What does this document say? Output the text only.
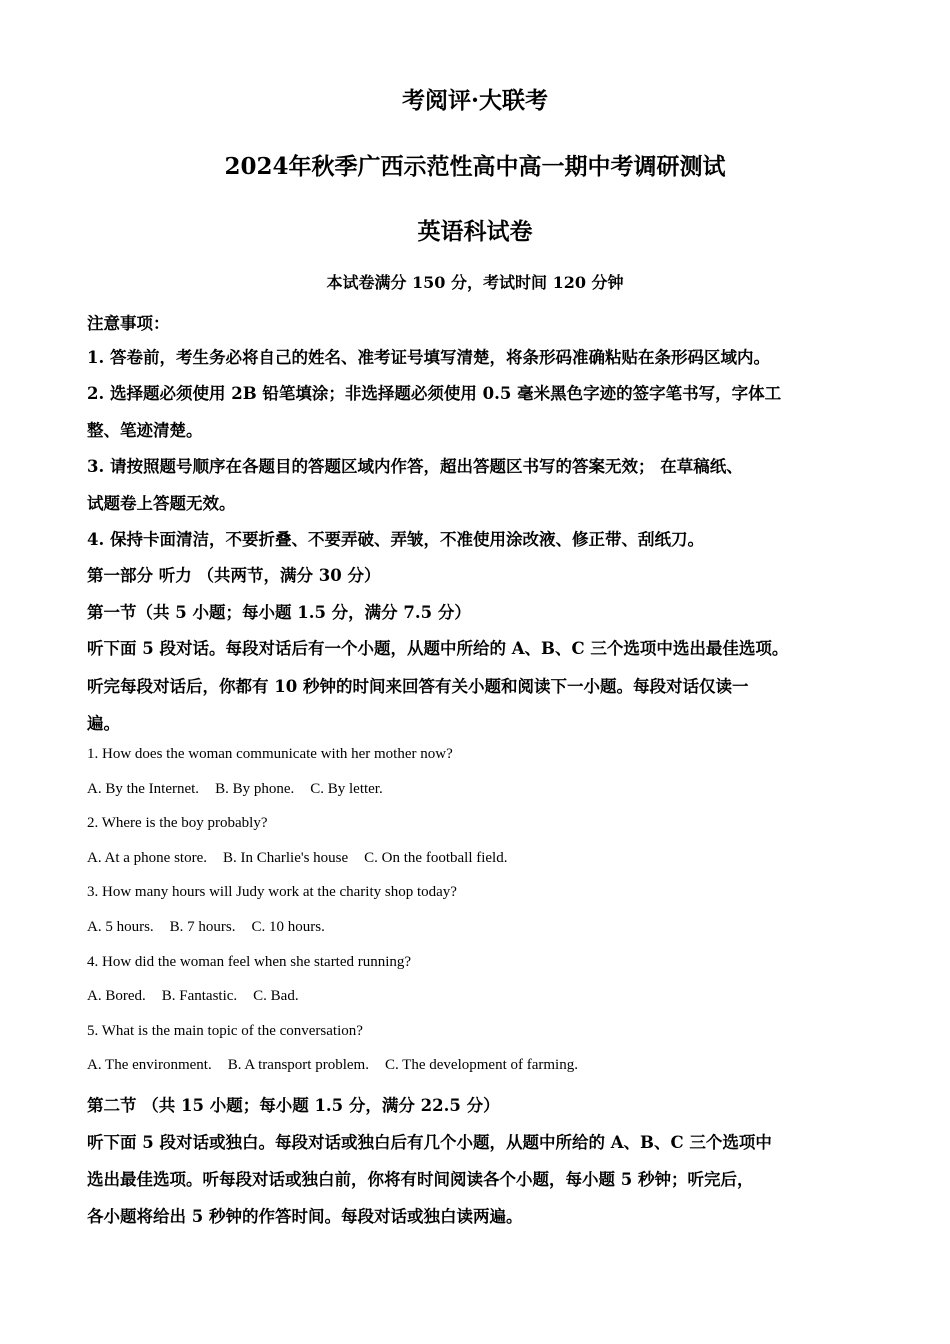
考阅评·大联考
2024年秋季广西示范性高中高一期中考调研测试
英语科试卷
本试卷满分 150 分，考试时间 120 分钟
注意事项：
1. 答卷前，考生务必将自己的姓名、准考证号填写清楚，将条形码准确粘贴在条形码区域内。
2. 选择题必须使用 2B 铅笔填涂；非选择题必须使用 0.5 毫米黑色字迹的签字笔书写，字体工
整、笔迹清楚。
3. 请按照题号顺序在各题目的答题区域内作答，超出答题区书写的答案无效； 在草稿纸、
试题卷上答题无效。
4. 保持卡面清洁，不要折叠、不要弄破、弄皱，不准使用涂改液、修正带、刮纸刀。
第一部分 听力 （共两节，满分 30 分）
第一节（共 5 小题；每小题 1.5 分，满分 7.5 分）
听下面 5 段对话。每段对话后有一个小题，从题中所给的 A、B、C 三个选项中选出最佳选项。
听完每段对话后，你都有 10 秒钟的时间来回答有关小题和阅读下一小题。每段对话仅读一
遍。
1. How does the woman communicate with her mother now?
A. By the Internet. B. By phone. C. By letter.
2. Where is the boy probably?
A. At a phone store. B. In Charlie's house C. On the football field.
3. How many hours will Judy work at the charity shop today?
A. 5 hours. B. 7 hours. C. 10 hours.
4. How did the woman feel when she started running?
A. Bored. B. Fantastic. C. Bad.
5. What is the main topic of the conversation?
A. The environment. B. A transport problem. C. The development of farming.
第二节 （共 15 小题；每小题 1.5 分，满分 22.5 分）
听下面 5 段对话或独白。每段对话或独白后有几个小题，从题中所给的 A、B、C 三个选项中
选出最佳选项。听每段对话或独白前，你将有时间阅读各个小题，每小题 5 秒钟；听完后，
各小题将给出 5 秒钟的作答时间。每段对话或独白读两遍。
